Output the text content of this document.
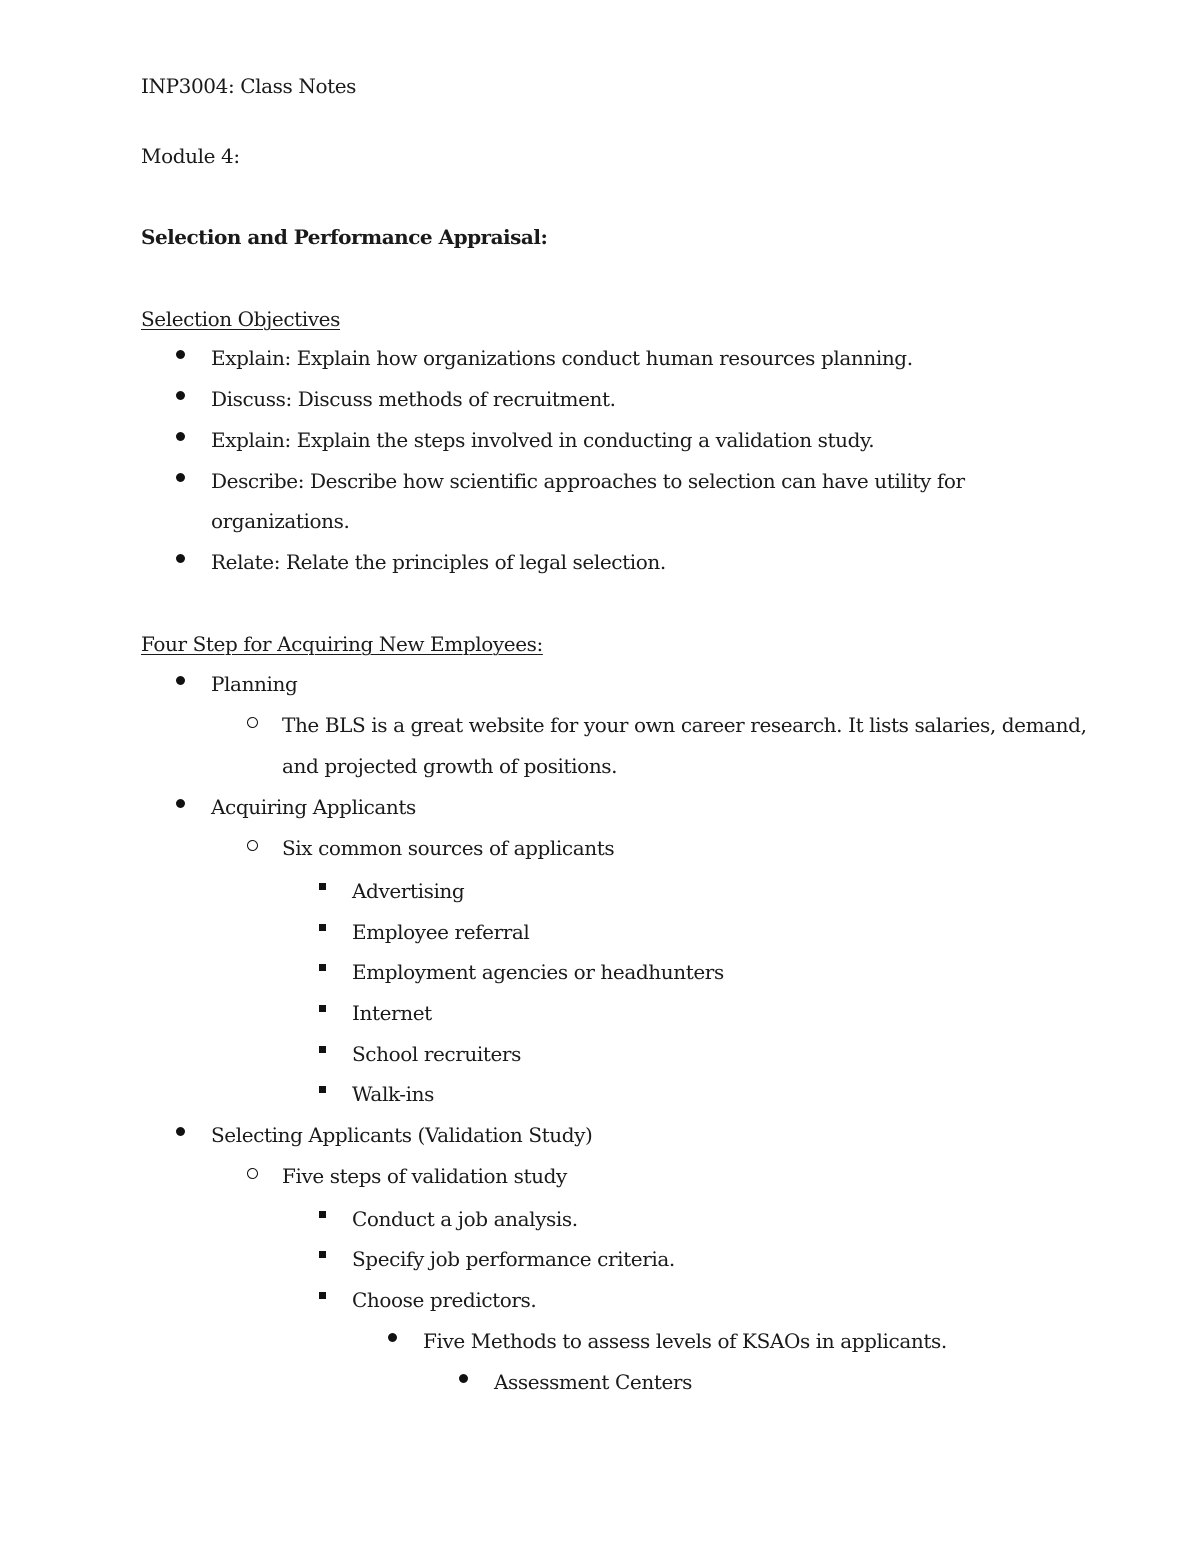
INP3004: Class Notes
Module 4:
Selection and Performance Appraisal:
Selection Objectives
Explain: Explain how organizations conduct human resources planning.
Discuss: Discuss methods of recruitment.
Explain: Explain the steps involved in conducting a validation study.
Describe: Describe how scientific approaches to selection can have utility for
organizations.
Relate: Relate the principles of legal selection.
Four Step for Acquiring New Employees:
Planning
The BLS is a great website for your own career research. It lists salaries, demand,
and projected growth of positions.
Acquiring Applicants
Six common sources of applicants
Advertising
Employee referral
Employment agencies or headhunters
Internet
School recruiters
Walk-ins
Selecting Applicants (Validation Study)
Five steps of validation study
Conduct a job analysis.
Specify job performance criteria.
Choose predictors.
Five Methods to assess levels of KSAOs in applicants.
Assessment Centers
